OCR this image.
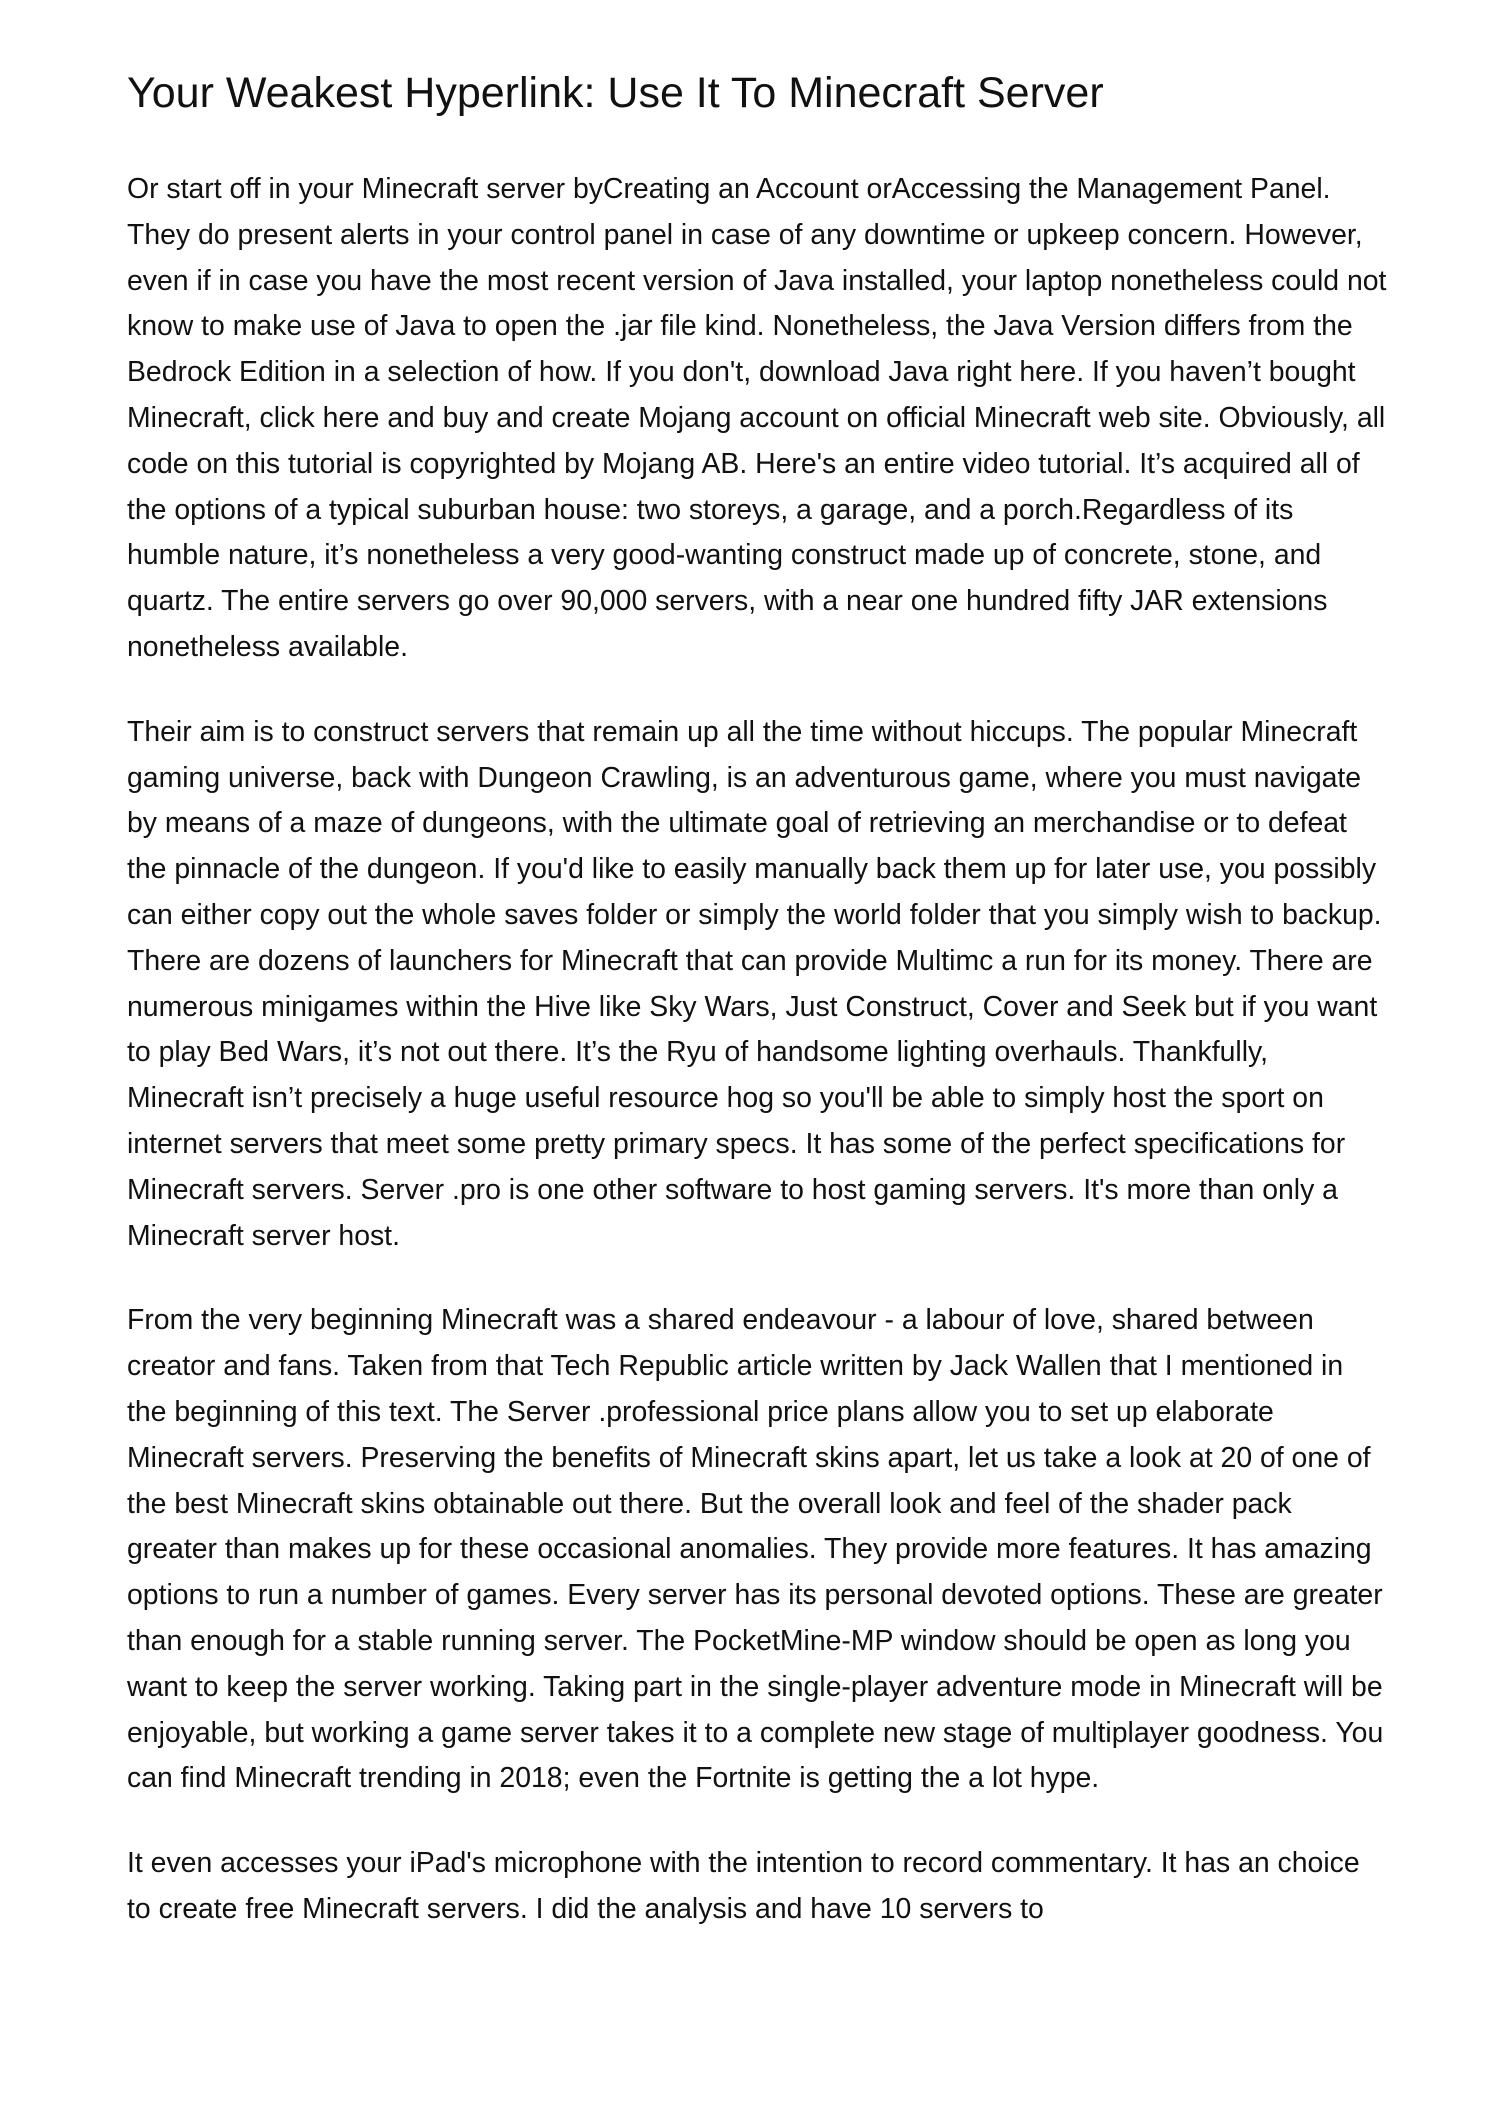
Your Weakest Hyperlink: Use It To Minecraft Server

Or start off in your Minecraft server byCreating an Account orAccessing the Management Panel. They do present alerts in your control panel in case of any downtime or upkeep concern. However, even if in case you have the most recent version of Java installed, your laptop nonetheless could not know to make use of Java to open the .jar file kind. Nonetheless, the Java Version differs from the Bedrock Edition in a selection of how. If you don't, download Java right here. If you haven’t bought Minecraft, click here and buy and create Mojang account on official Minecraft web site. Obviously, all code on this tutorial is copyrighted by Mojang AB. Here's an entire video tutorial. It’s acquired all of the options of a typical suburban house: two storeys, a garage, and a porch.Regardless of its humble nature, it’s nonetheless a very good-wanting construct made up of concrete, stone, and quartz. The entire servers go over 90,000 servers, with a near one hundred fifty JAR extensions nonetheless available.

Their aim is to construct servers that remain up all the time without hiccups. The popular Minecraft gaming universe, back with Dungeon Crawling, is an adventurous game, where you must navigate by means of a maze of dungeons, with the ultimate goal of retrieving an merchandise or to defeat the pinnacle of the dungeon. If you'd like to easily manually back them up for later use, you possibly can either copy out the whole saves folder or simply the world folder that you simply wish to backup. There are dozens of launchers for Minecraft that can provide Multimc a run for its money. There are numerous minigames within the Hive like Sky Wars, Just Construct, Cover and Seek but if you want to play Bed Wars, it’s not out there. It’s the Ryu of handsome lighting overhauls. Thankfully, Minecraft isn’t precisely a huge useful resource hog so you'll be able to simply host the sport on internet servers that meet some pretty primary specs. It has some of the perfect specifications for Minecraft servers. Server .pro is one other software to host gaming servers. It's more than only a Minecraft server host.

From the very beginning Minecraft was a shared endeavour - a labour of love, shared between creator and fans. Taken from that Tech Republic article written by Jack Wallen that I mentioned in the beginning of this text. The Server .professional price plans allow you to set up elaborate Minecraft servers. Preserving the benefits of Minecraft skins apart, let us take a look at 20 of one of the best Minecraft skins obtainable out there. But the overall look and feel of the shader pack greater than makes up for these occasional anomalies. They provide more features. It has amazing options to run a number of games. Every server has its personal devoted options. These are greater than enough for a stable running server. The PocketMine-MP window should be open as long you want to keep the server working. Taking part in the single-player adventure mode in Minecraft will be enjoyable, but working a game server takes it to a complete new stage of multiplayer goodness. You can find Minecraft trending in 2018; even the Fortnite is getting the a lot hype.

It even accesses your iPad's microphone with the intention to record commentary. It has an choice to create free Minecraft servers. I did the analysis and have 10 servers to
